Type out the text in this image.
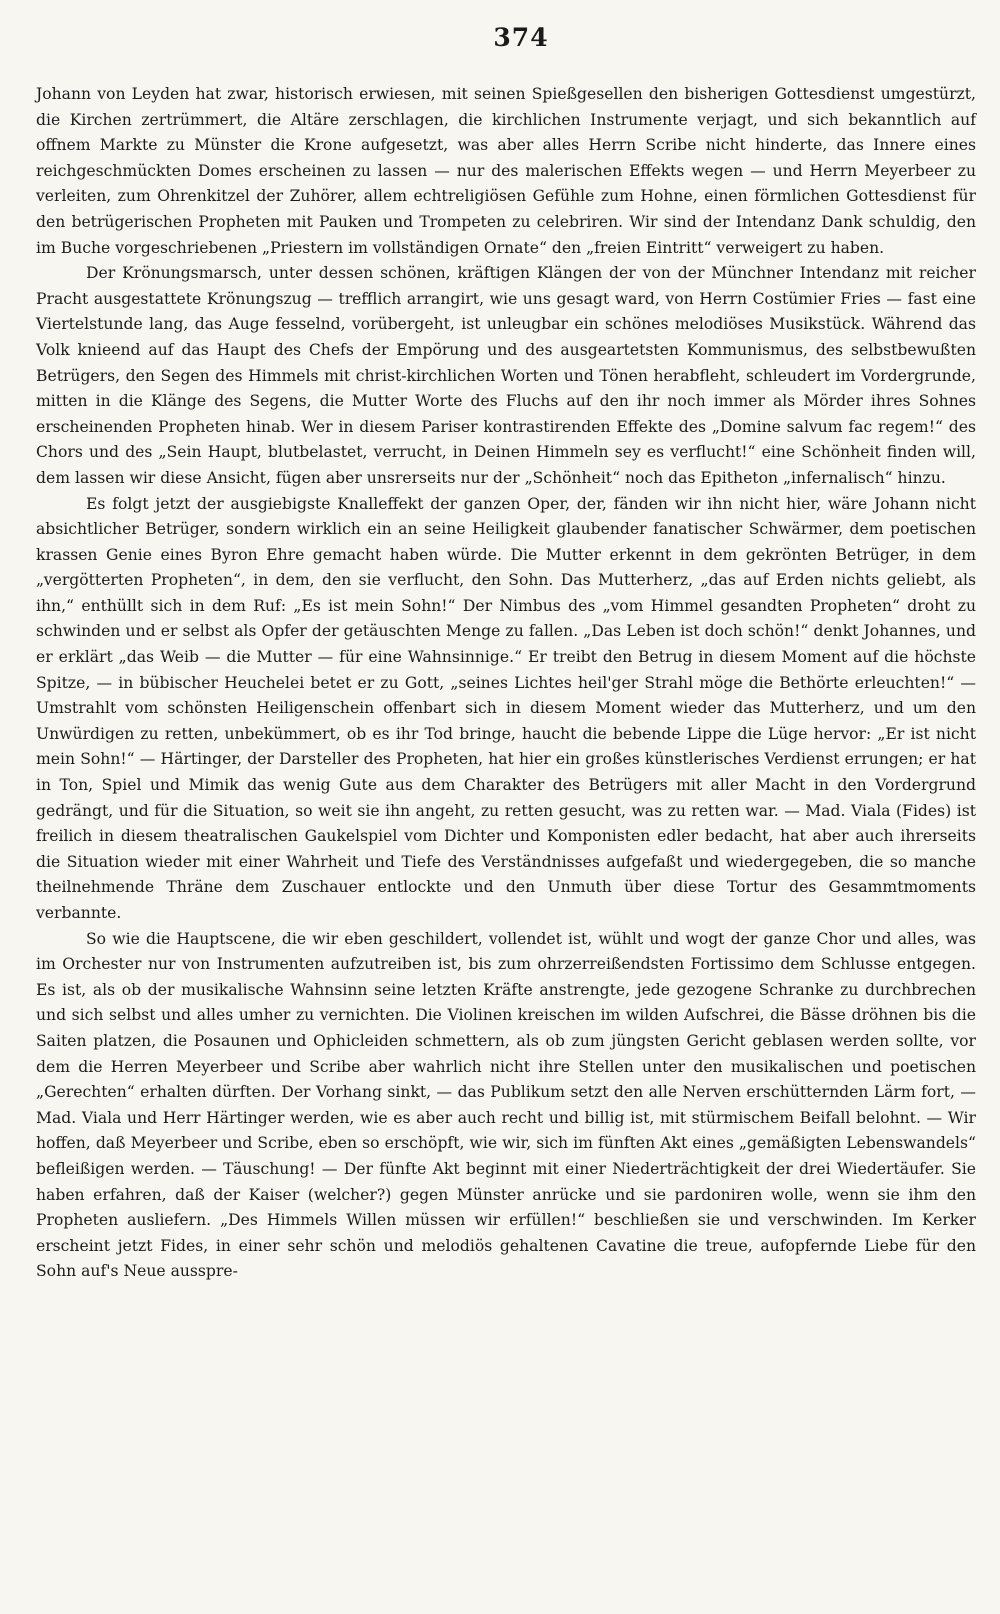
374

Johann von Leyden hat zwar, historisch erwiesen, mit seinen Spießgesellen den bisherigen Gottesdienst umgestürzt, die Kirchen zertrümmert, die Altäre zerschlagen, die kirchlichen Instrumente verjagt, und sich bekanntlich auf offnem Markte zu Münster die Krone aufgesetzt, was aber alles Herrn Scribe nicht hinderte, das Innere eines reichgeschmückten Domes erscheinen zu lassen — nur des malerischen Effekts wegen — und Herrn Meyerbeer zu verleiten, zum Ohrenkitzel der Zuhörer, allem echtreligiösen Gefühle zum Hohne, einen förmlichen Gottesdienst für den betrügerischen Propheten mit Pauken und Trompeten zu celebriren. Wir sind der Intendanz Dank schuldig, den im Buche vorgeschriebenen „Priestern im vollständigen Ornate“ den „freien Eintritt“ verweigert zu haben.

Der Krönungsmarsch, unter dessen schönen, kräftigen Klängen der von der Münchner Intendanz mit reicher Pracht ausgestattete Krönungszug — trefflich arrangirt, wie uns gesagt ward, von Herrn Costümier Fries — fast eine Viertelstunde lang, das Auge fesselnd, vorübergeht, ist unleugbar ein schönes melodiöses Musikstück. Während das Volk knieend auf das Haupt des Chefs der Empörung und des ausgeartetsten Kommunismus, des selbstbewußten Betrügers, den Segen des Himmels mit christ-kirchlichen Worten und Tönen herabfleht, schleudert im Vordergrunde, mitten in die Klänge des Segens, die Mutter Worte des Fluchs auf den ihr noch immer als Mörder ihres Sohnes erscheinenden Propheten hinab. Wer in diesem Pariser kontrastirenden Effekte des „Domine salvum fac regem!“ des Chors und des „Sein Haupt, blutbelastet, verrucht, in Deinen Himmeln sey es verflucht!“ eine Schönheit finden will, dem lassen wir diese Ansicht, fügen aber unsrerseits nur der „Schönheit“ noch das Epitheton „infernalisch“ hinzu.

Es folgt jetzt der ausgiebigste Knalleffekt der ganzen Oper, der, fänden wir ihn nicht hier, wäre Johann nicht absichtlicher Betrüger, sondern wirklich ein an seine Heiligkeit glaubender fanatischer Schwärmer, dem poetischen krassen Genie eines Byron Ehre gemacht haben würde. Die Mutter erkennt in dem gekrönten Betrüger, in dem „vergötterten Propheten“, in dem, den sie verflucht, den Sohn. Das Mutterherz, „das auf Erden nichts geliebt, als ihn,“ enthüllt sich in dem Ruf: „Es ist mein Sohn!“ Der Nimbus des „vom Himmel gesandten Propheten“ droht zu schwinden und er selbst als Opfer der getäuschten Menge zu fallen. „Das Leben ist doch schön!“ denkt Johannes, und er erklärt „das Weib — die Mutter — für eine Wahnsinnige.“ Er treibt den Betrug in diesem Moment auf die höchste Spitze, — in bübischer Heuchelei betet er zu Gott, „seines Lichtes heil'ger Strahl möge die Bethörte erleuchten!“ — Umstrahlt vom schönsten Heiligenschein offenbart sich in diesem Moment wieder das Mutterherz, und um den Unwürdigen zu retten, unbekümmert, ob es ihr Tod bringe, haucht die bebende Lippe die Lüge hervor: „Er ist nicht mein Sohn!“ — Härtinger, der Darsteller des Propheten, hat hier ein großes künstlerisches Verdienst errungen; er hat in Ton, Spiel und Mimik das wenig Gute aus dem Charakter des Betrügers mit aller Macht in den Vordergrund gedrängt, und für die Situation, so weit sie ihn angeht, zu retten gesucht, was zu retten war. — Mad. Viala (Fides) ist freilich in diesem theatralischen Gaukelspiel vom Dichter und Komponisten edler bedacht, hat aber auch ihrerseits die Situation wieder mit einer Wahrheit und Tiefe des Verständnisses aufgefaßt und wiedergegeben, die so manche theilnehmende Thräne dem Zuschauer entlockte und den Unmuth über diese Tortur des Gesammtmoments verbannte.

So wie die Hauptscene, die wir eben geschildert, vollendet ist, wühlt und wogt der ganze Chor und alles, was im Orchester nur von Instrumenten aufzutreiben ist, bis zum ohrzerreißendsten Fortissimo dem Schlusse entgegen. Es ist, als ob der musikalische Wahnsinn seine letzten Kräfte anstrengte, jede gezogene Schranke zu durchbrechen und sich selbst und alles umher zu vernichten. Die Violinen kreischen im wilden Aufschrei, die Bässe dröhnen bis die Saiten platzen, die Posaunen und Ophicleiden schmettern, als ob zum jüngsten Gericht geblasen werden sollte, vor dem die Herren Meyerbeer und Scribe aber wahrlich nicht ihre Stellen unter den musikalischen und poetischen „Gerechten“ erhalten dürften. Der Vorhang sinkt, — das Publikum setzt den alle Nerven erschütternden Lärm fort, — Mad. Viala und Herr Härtinger werden, wie es aber auch recht und billig ist, mit stürmischem Beifall belohnt. — Wir hoffen, daß Meyerbeer und Scribe, eben so erschöpft, wie wir, sich im fünften Akt eines „gemäßigten Lebenswandels“ befleißigen werden. — Täuschung! — Der fünfte Akt beginnt mit einer Niederträchtigkeit der drei Wiedertäufer. Sie haben erfahren, daß der Kaiser (welcher?) gegen Münster anrücke und sie pardoniren wolle, wenn sie ihm den Propheten ausliefern. „Des Himmels Willen müssen wir erfüllen!“ beschließen sie und verschwinden. Im Kerker erscheint jetzt Fides, in einer sehr schön und melodiös gehaltenen Cavatine die treue, aufopfernde Liebe für den Sohn auf's Neue ausspre-
